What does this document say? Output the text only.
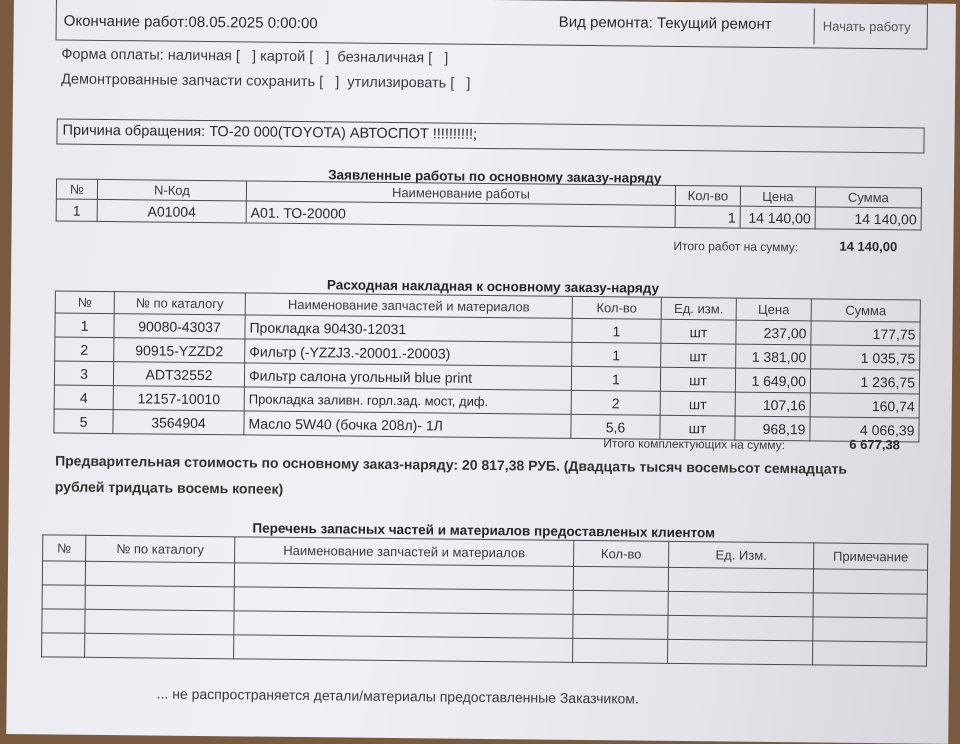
Окончание работ:08.05.2025 0:00:00	Вид ремонта: Текущий ремонт	Начать работу
Форма оплаты: наличная [   ] картой [   ]  безналичная [   ]
Демонтрованные запчасти сохранить [   ]  утилизировать [   ]
Причина обращения: ТО-20 000(TOYOTA) АВТОСПОТ !!!!!!!!!!;
Заявленные работы по основному заказу-наряду
№	N-Код	Наименование работы	Кол-во	Цена	Сумма
1	A01004	A01. ТО-20000	1	14 140,00	14 140,00
Итого работ на сумму:	14 140,00
Расходная накладная к основному заказу-наряду
№	№ по каталогу	Наименование запчастей и материалов	Кол-во	Ед. изм.	Цена	Сумма
1	90080-43037	Прокладка 90430-12031	1	шт	237,00	177,75
2	90915-YZZD2	Фильтр (-YZZJ3.-20001.-20003)	1	шт	1 381,00	1 035,75
3	ADT32552	Фильтр салона угольный blue print	1	шт	1 649,00	1 236,75
4	12157-10010	Прокладка заливн. горл.зад. мост, диф.	2	шт	107,16	160,74
5	3564904	Масло 5W40 (бочка 208л)- 1Л	5,6	шт	968,19	4 066,39
Итого комплектующих на сумму:	6 677,38
Предварительная стоимость по основному заказ-наряду: 20 817,38 РУБ. (Двадцать тысяч восемьсот семнадцать
рублей тридцать восемь копеек)
Перечень запасных частей и материалов предоставленых клиентом
№	№ по каталогу	Наименование запчастей и материалов	Кол-во	Ед. Изм.	Примечание

... не распространяется детали/материалы предоставленные Заказчиком.
